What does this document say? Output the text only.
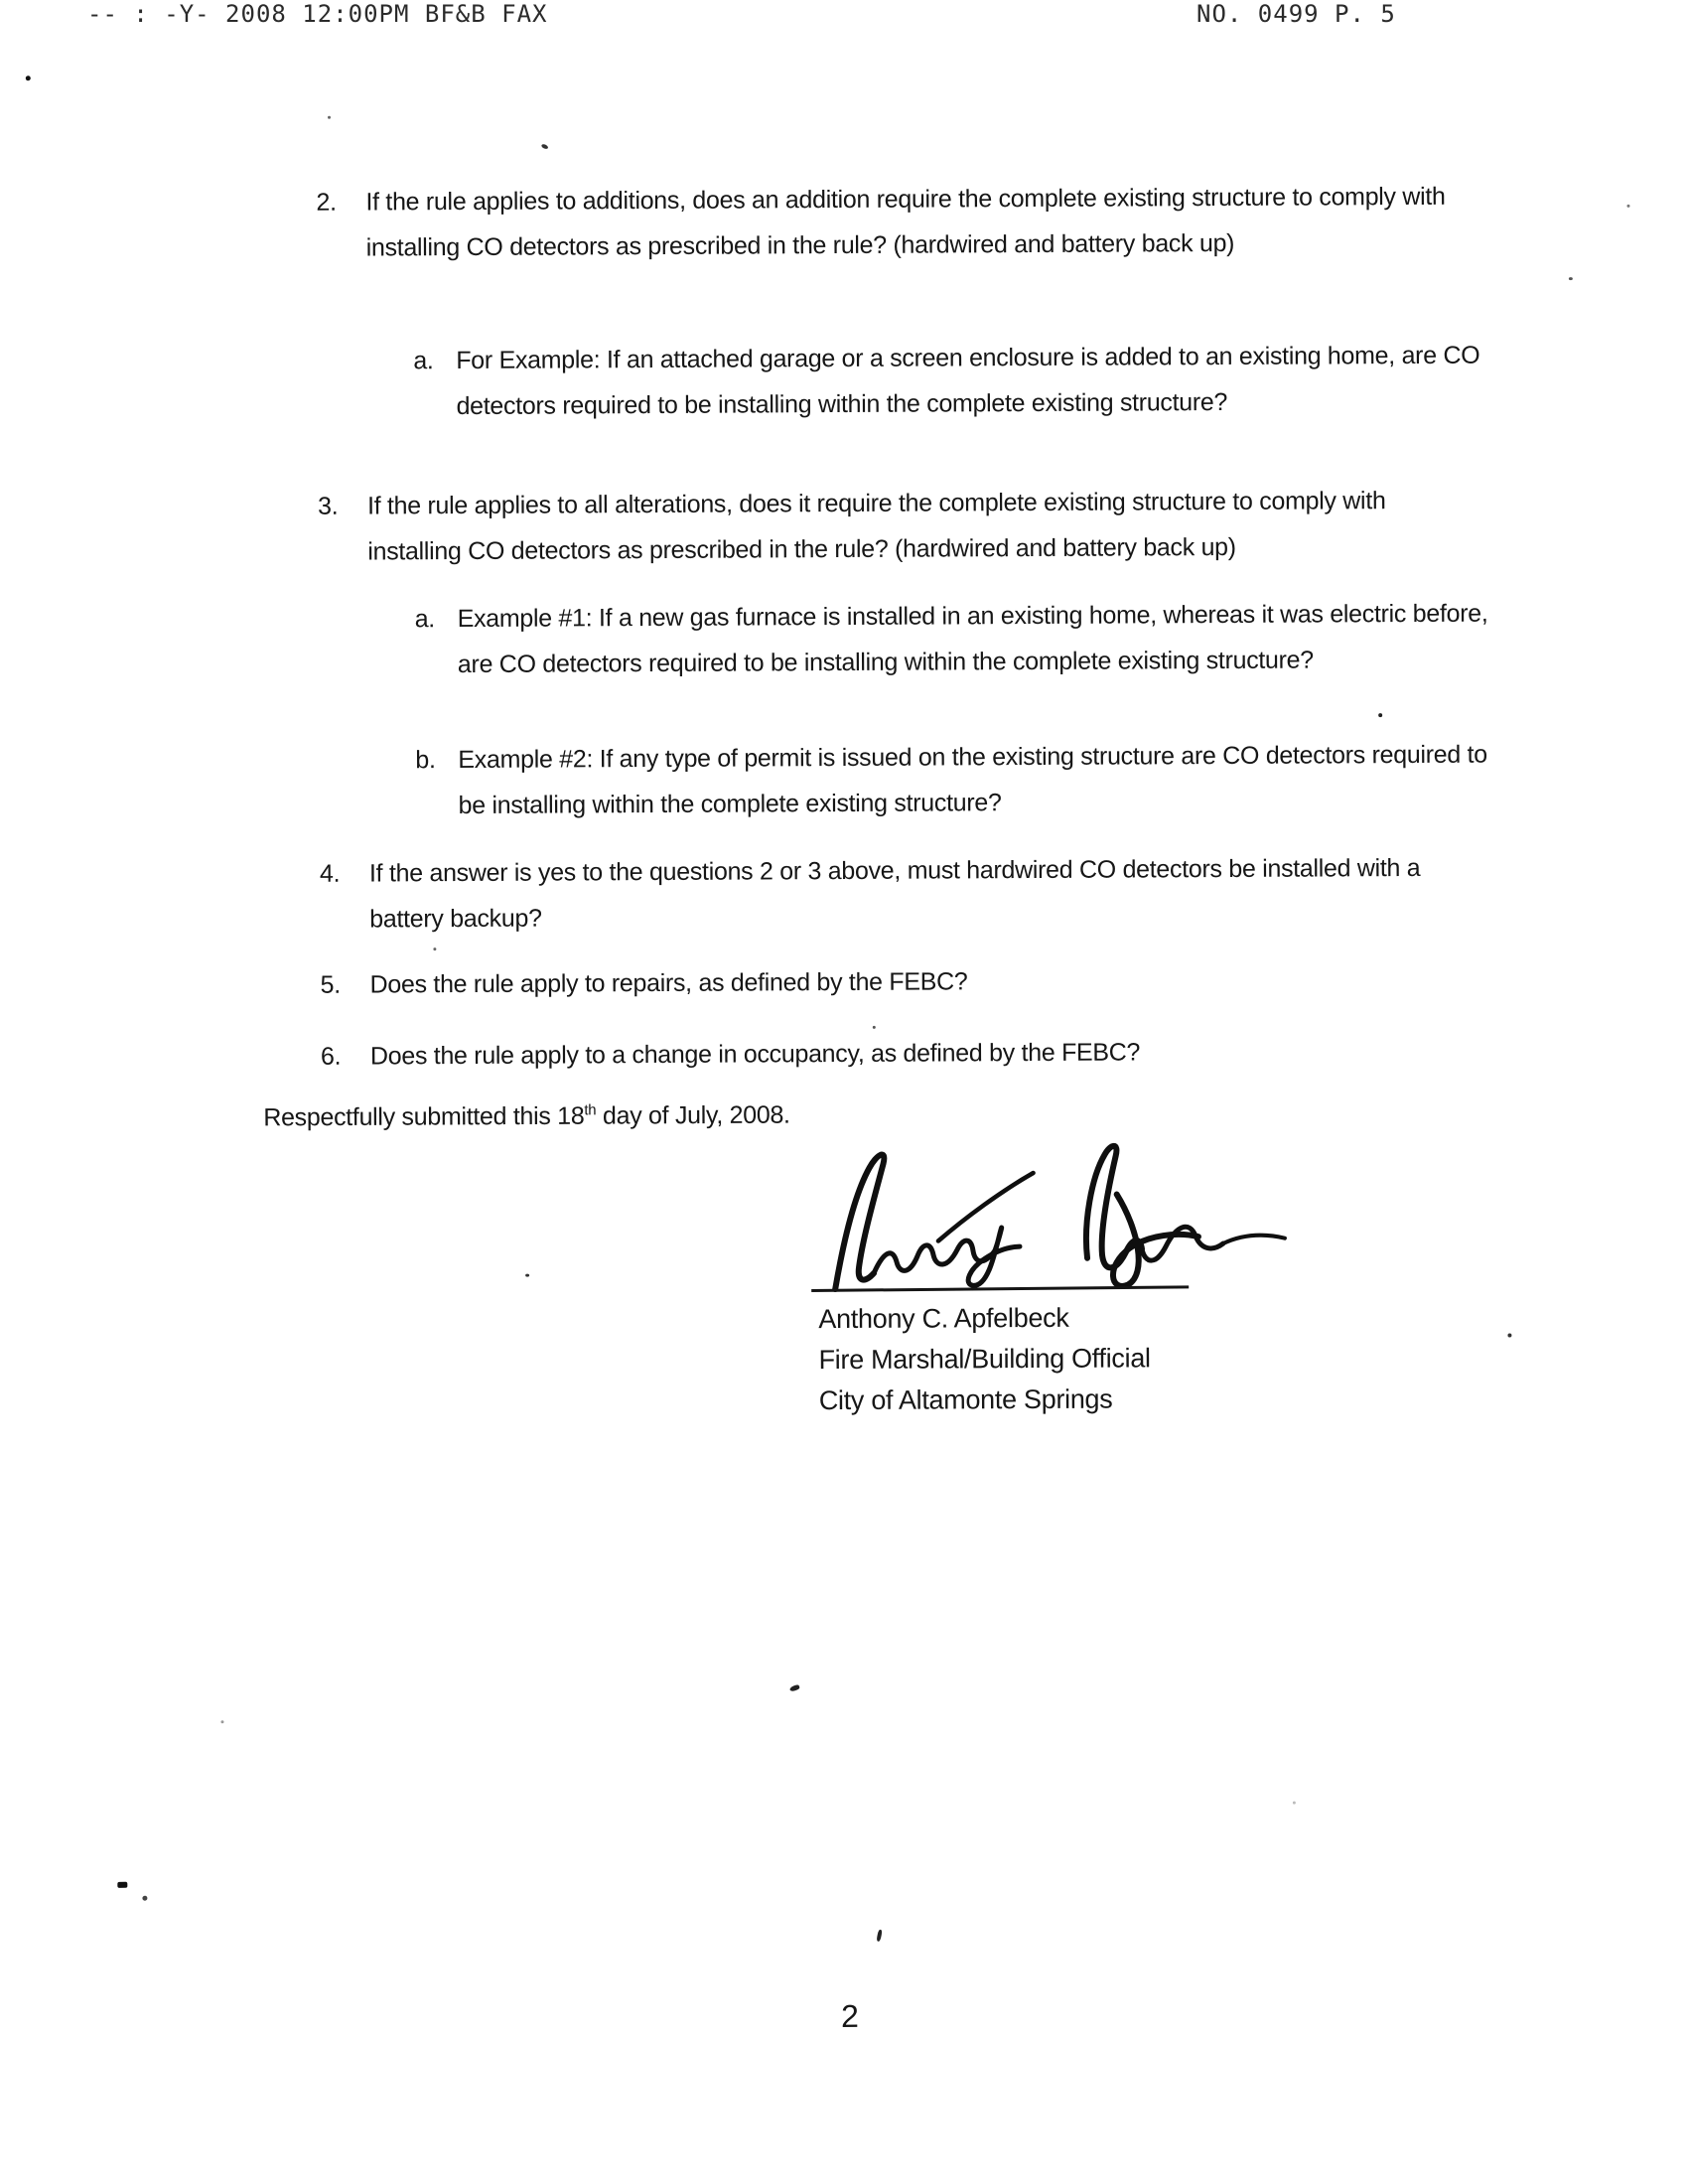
-- : -Y- 2008 12:00PM BF&B FAX	NO. 0499 P. 5
2.	If the rule applies to additions, does an addition require the complete existing structure to comply with installing CO detectors as prescribed in the rule? (hardwired and battery back up)
a. For Example: If an attached garage or a screen enclosure is added to an existing home, are CO detectors required to be installing within the complete existing structure?
3.	If the rule applies to all alterations, does it require the complete existing structure to comply with installing CO detectors as prescribed in the rule? (hardwired and battery back up)
a. Example #1: If a new gas furnace is installed in an existing home, whereas it was electric before, are CO detectors required to be installing within the complete existing structure?
b. Example #2: If any type of permit is issued on the existing structure are CO detectors required to be installing within the complete existing structure?
4.	If the answer is yes to the questions 2 or 3 above, must hardwired CO detectors be installed with a battery backup?
5.	Does the rule apply to repairs, as defined by the FEBC?
6.	Does the rule apply to a change in occupancy, as defined by the FEBC?
Respectfully submitted this 18th day of July, 2008.
Anthony C. Apfelbeck
Fire Marshal/Building Official
City of Altamonte Springs
2
